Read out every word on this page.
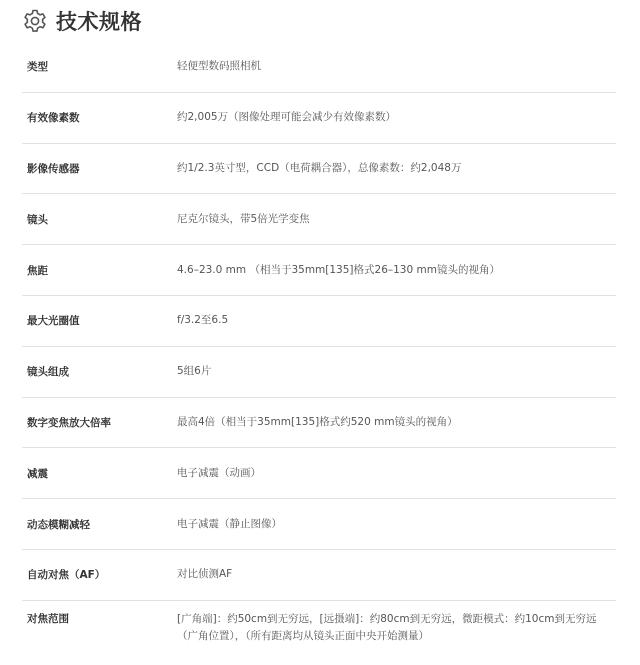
技术规格
类型	轻便型数码照相机
有效像素数	约2,005万（图像处理可能会减少有效像素数）
影像传感器	约1/2.3英寸型，CCD（电荷耦合器），总像素数：约2,048万
镜头	尼克尔镜头，带5倍光学变焦
焦距	4.6–23.0 mm （相当于35mm[135]格式26–130 mm镜头的视角）
最大光圈值	f/3.2至6.5
镜头组成	5组6片
数字变焦放大倍率	最高4倍（相当于35mm[135]格式约520 mm镜头的视角）
减震	电子减震（动画）
动态模糊减轻	电子减震（静止图像）
自动对焦（AF）	对比侦测AF
对焦范围	[广角端]：约50cm到无穷远，[远摄端]：约80cm到无穷远，微距模式：约10cm到无穷远（广角位置），（所有距离均从镜头正面中央开始测量）
